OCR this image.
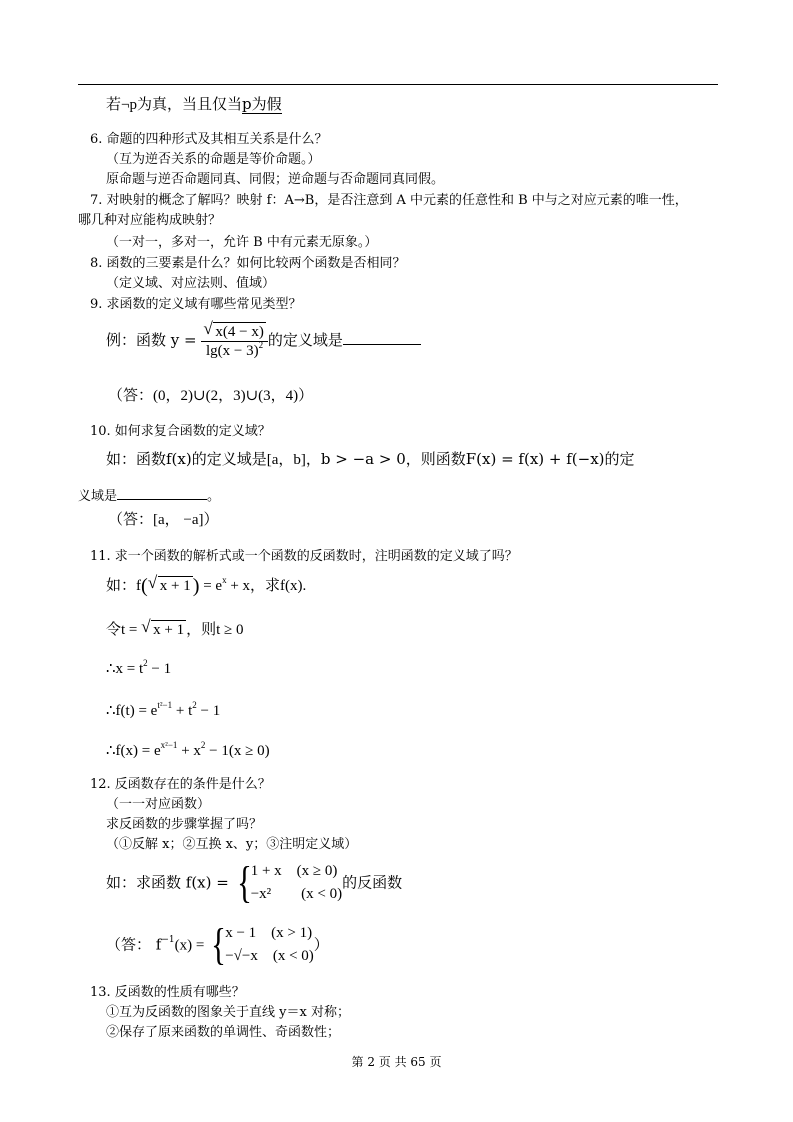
若¬p为真，当且仅当p为假
6. 命题的四种形式及其相互关系是什么？
（互为逆否关系的命题是等价命题。）
原命题与逆否命题同真、同假；逆命题与否命题同真同假。
7. 对映射的概念了解吗？映射 f：A→B，是否注意到 A 中元素的任意性和 B 中与之对应元素的唯一性，
哪几种对应能构成映射？
（一对一，多对一，允许 B 中有元素无原象。）
8. 函数的三要素是什么？如何比较两个函数是否相同？
（定义域、对应法则、值域）
9. 求函数的定义域有哪些常见类型？
例：函数 $y = \frac{√ x(4 - x)}{\lg(x - 3)^2}$ 的定义域是
（答：(0，2)∪(2，3)∪(3，4)）
10. 如何求复合函数的定义域？
如：函数f(x)的定义域是[a，b]，b > −a > 0，则函数F(x) = f(x) + f(−x)的定
义域是	。
（答：[a， −a]）
11. 求一个函数的解析式或一个函数的反函数时，注明函数的定义域了吗？
如：f( √ $x + 1) = e^x + x$，求f(x).
令t = √ x + 1 ，则t ≥ 0
∴x = $t^2 - 1$
∴f(t) = $e^{t^2-1} + t^2 - 1$
∴f(x) = $e^{x^2-1} + x^2 - 1(x \ge 0)$
12. 反函数存在的条件是什么？
（一一对应函数）
求反函数的步骤掌握了吗？
（①反解 x；②互换 x、y；③注明定义域）
如：求函数 f(x) = { 1 + x　(x ≥ 0)
−x²　　(x < 0)
的反函数
（答： $f^{-1}(x)$ = { x − 1　(x > 1)
−√−x　(x < 0)
）
13. 反函数的性质有哪些？
①互为反函数的图象关于直线 y＝x 对称；
②保存了原来函数的单调性、奇函数性；
第 2 页 共 65 页
